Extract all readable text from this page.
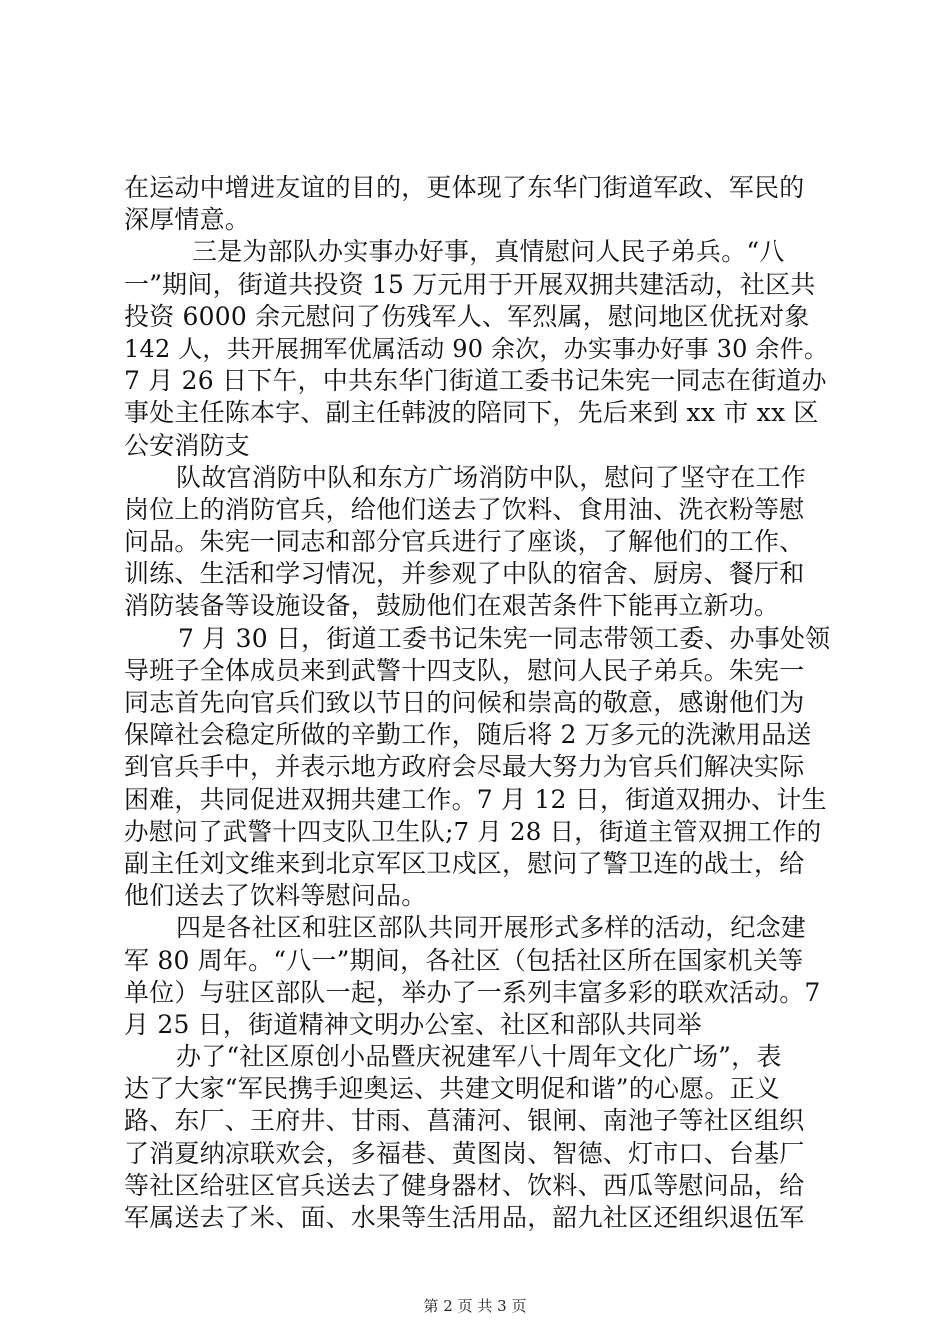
在运动中增进友谊的目的，更体现了东华门街道军政、军民的
深厚情意。
三是为部队办实事办好事，真情慰问人民子弟兵。“八
一”期间，街道共投资 15 万元用于开展双拥共建活动，社区共
投资 6000 余元慰问了伤残军人、军烈属，慰问地区优抚对象
142 人，共开展拥军优属活动 90 余次，办实事办好事 30 余件。
7 月 26 日下午，中共东华门街道工委书记朱宪一同志在街道办
事处主任陈本宇、副主任韩波的陪同下，先后来到 xx 市 xx 区
公安消防支
队故宫消防中队和东方广场消防中队，慰问了坚守在工作
岗位上的消防官兵，给他们送去了饮料、食用油、洗衣粉等慰
问品。朱宪一同志和部分官兵进行了座谈，了解他们的工作、
训练、生活和学习情况，并参观了中队的宿舍、厨房、餐厅和
消防装备等设施设备，鼓励他们在艰苦条件下能再立新功。
7 月 30 日，街道工委书记朱宪一同志带领工委、办事处领
导班子全体成员来到武警十四支队，慰问人民子弟兵。朱宪一
同志首先向官兵们致以节日的问候和崇高的敬意，感谢他们为
保障社会稳定所做的辛勤工作，随后将 2 万多元的洗漱用品送
到官兵手中，并表示地方政府会尽最大努力为官兵们解决实际
困难，共同促进双拥共建工作。7 月 12 日，街道双拥办、计生
办慰问了武警十四支队卫生队;7 月 28 日，街道主管双拥工作的
副主任刘文维来到北京军区卫戍区，慰问了警卫连的战士，给
他们送去了饮料等慰问品。
四是各社区和驻区部队共同开展形式多样的活动，纪念建
军 80 周年。“八一”期间，各社区（包括社区所在国家机关等
单位）与驻区部队一起，举办了一系列丰富多彩的联欢活动。7
月 25 日，街道精神文明办公室、社区和部队共同举
办了“社区原创小品暨庆祝建军八十周年文化广场”，表
达了大家“军民携手迎奥运、共建文明促和谐”的心愿。正义
路、东厂、王府井、甘雨、菖蒲河、银闸、南池子等社区组织
了消夏纳凉联欢会，多福巷、黄图岗、智德、灯市口、台基厂
等社区给驻区官兵送去了健身器材、饮料、西瓜等慰问品，给
军属送去了米、面、水果等生活用品，韶九社区还组织退伍军
第 2 页 共 3 页
